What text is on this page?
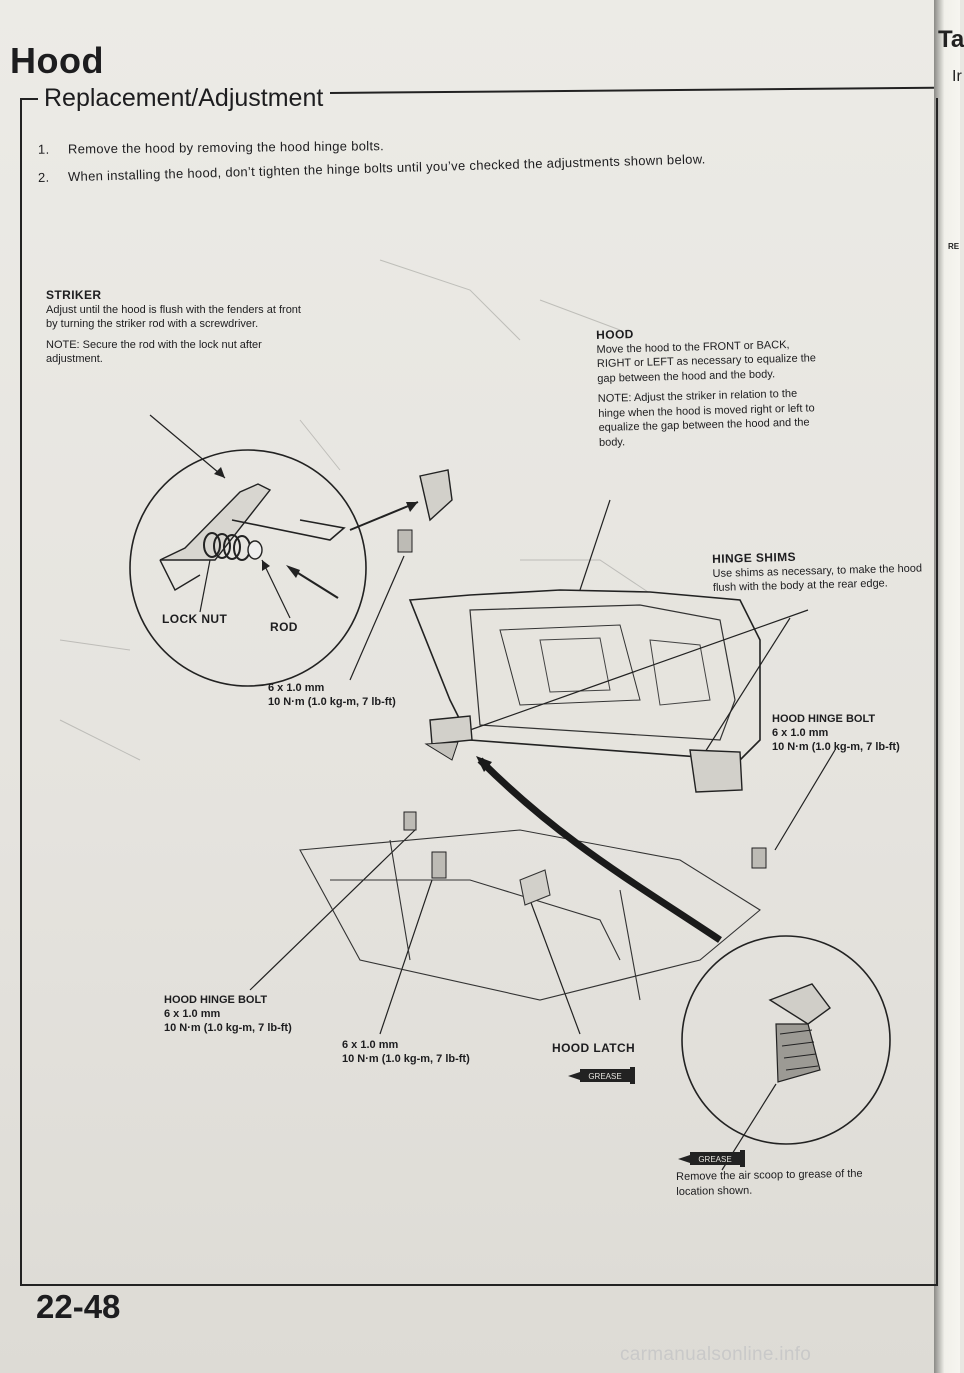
Ta
Ir
RE
Hood
Replacement/Adjustment
1. Remove the hood by removing the hood hinge bolts.
2. When installing the hood, don’t tighten the hinge bolts until you’ve checked the adjustments shown below.
STRIKER

Adjust until the hood is flush with the fenders at front by turning the striker rod with a screwdriver.

NOTE: Secure the rod with the lock nut after adjustment.

HOOD

Move the hood to the FRONT or BACK, RIGHT or LEFT as necessary to equalize the gap between the hood and the body.

NOTE: Adjust the striker in relation to the hinge when the hood is moved right or left to equalize the gap between the hood and the body.

HINGE SHIMS

Use shims as necessary, to make the hood flush with the body at the rear edge.

LOCK NUT
ROD
6 x 1.0 mm
10 N·m (1.0 kg-m, 7 lb-ft)
HOOD HINGE BOLT
6 x 1.0 mm
10 N·m (1.0 kg-m, 7 lb-ft)
HOOD HINGE BOLT
6 x 1.0 mm
10 N·m (1.0 kg-m, 7 lb-ft)
6 x 1.0 mm
10 N·m (1.0 kg-m, 7 lb-ft)
HOOD LATCH
GREASE
GREASE
Remove the air scoop to grease of the location shown.
22-48
carmanualsonline.info
